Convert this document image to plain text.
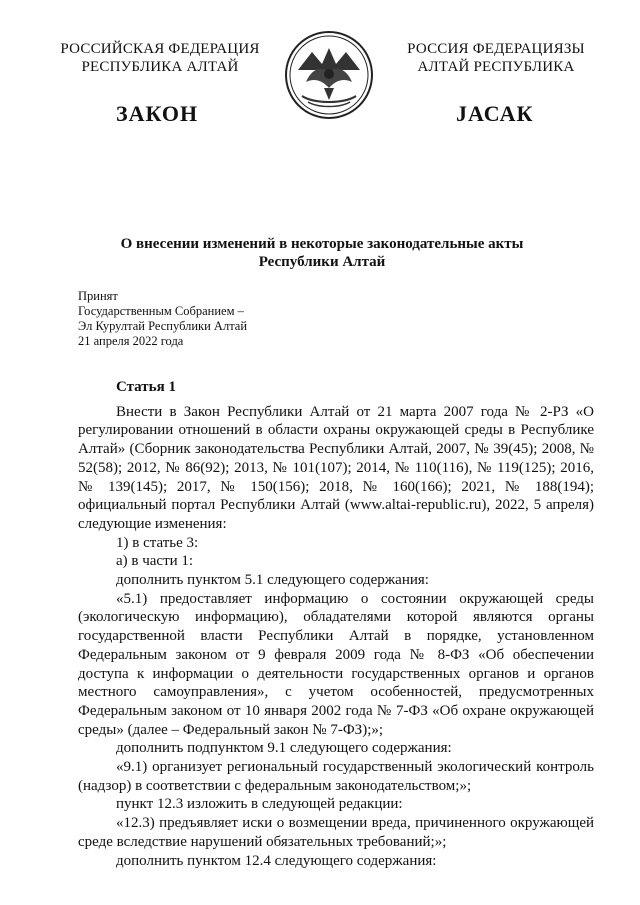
РОССИЙСКАЯ ФЕДЕРАЦИЯ
РЕСПУБЛИКА АЛТАЙ
РОССИЯ ФЕДЕРАЦИЯЗЫ
АЛТАЙ РЕСПУБЛИКА
ЗАКОН	ЈАСАК
О внесении изменений в некоторые законодательные акты
Республики Алтай
Принят
Государственным Собранием –
Эл Курултай Республики Алтай
21 апреля 2022 года

Статья 1

Внести в Закон Республики Алтай от 21 марта 2007 года № 2-РЗ «О регулировании отношений в области охраны окружающей среды в Республике Алтай» (Сборник законодательства Республики Алтай, 2007, № 39(45); 2008, № 52(58); 2012, № 86(92); 2013, № 101(107); 2014, № 110(116), № 119(125); 2016, № 139(145); 2017, № 150(156); 2018, № 160(166); 2021, № 188(194); официальный портал Республики Алтай (www.altai-republic.ru), 2022, 5 апреля) следующие изменения:

1) в статье 3:

а) в части 1:

дополнить пунктом 5.1 следующего содержания:

«5.1) предоставляет информацию о состоянии окружающей среды (экологическую информацию), обладателями которой являются органы государственной власти Республики Алтай в порядке, установленном Федеральным законом от 9 февраля 2009 года № 8-ФЗ «Об обеспечении доступа к информации о деятельности государственных органов и органов местного самоуправления», с учетом особенностей, предусмотренных Федеральным законом от 10 января 2002 года № 7-ФЗ «Об охране окружающей среды» (далее – Федеральный закон № 7-ФЗ);»;

дополнить подпунктом 9.1 следующего содержания:

«9.1) организует региональный государственный экологический контроль (надзор) в соответствии с федеральным законодательством;»;

пункт 12.3 изложить в следующей редакции:

«12.3) предъявляет иски о возмещении вреда, причиненного окружающей среде вследствие нарушений обязательных требований;»;

дополнить пунктом 12.4 следующего содержания:
